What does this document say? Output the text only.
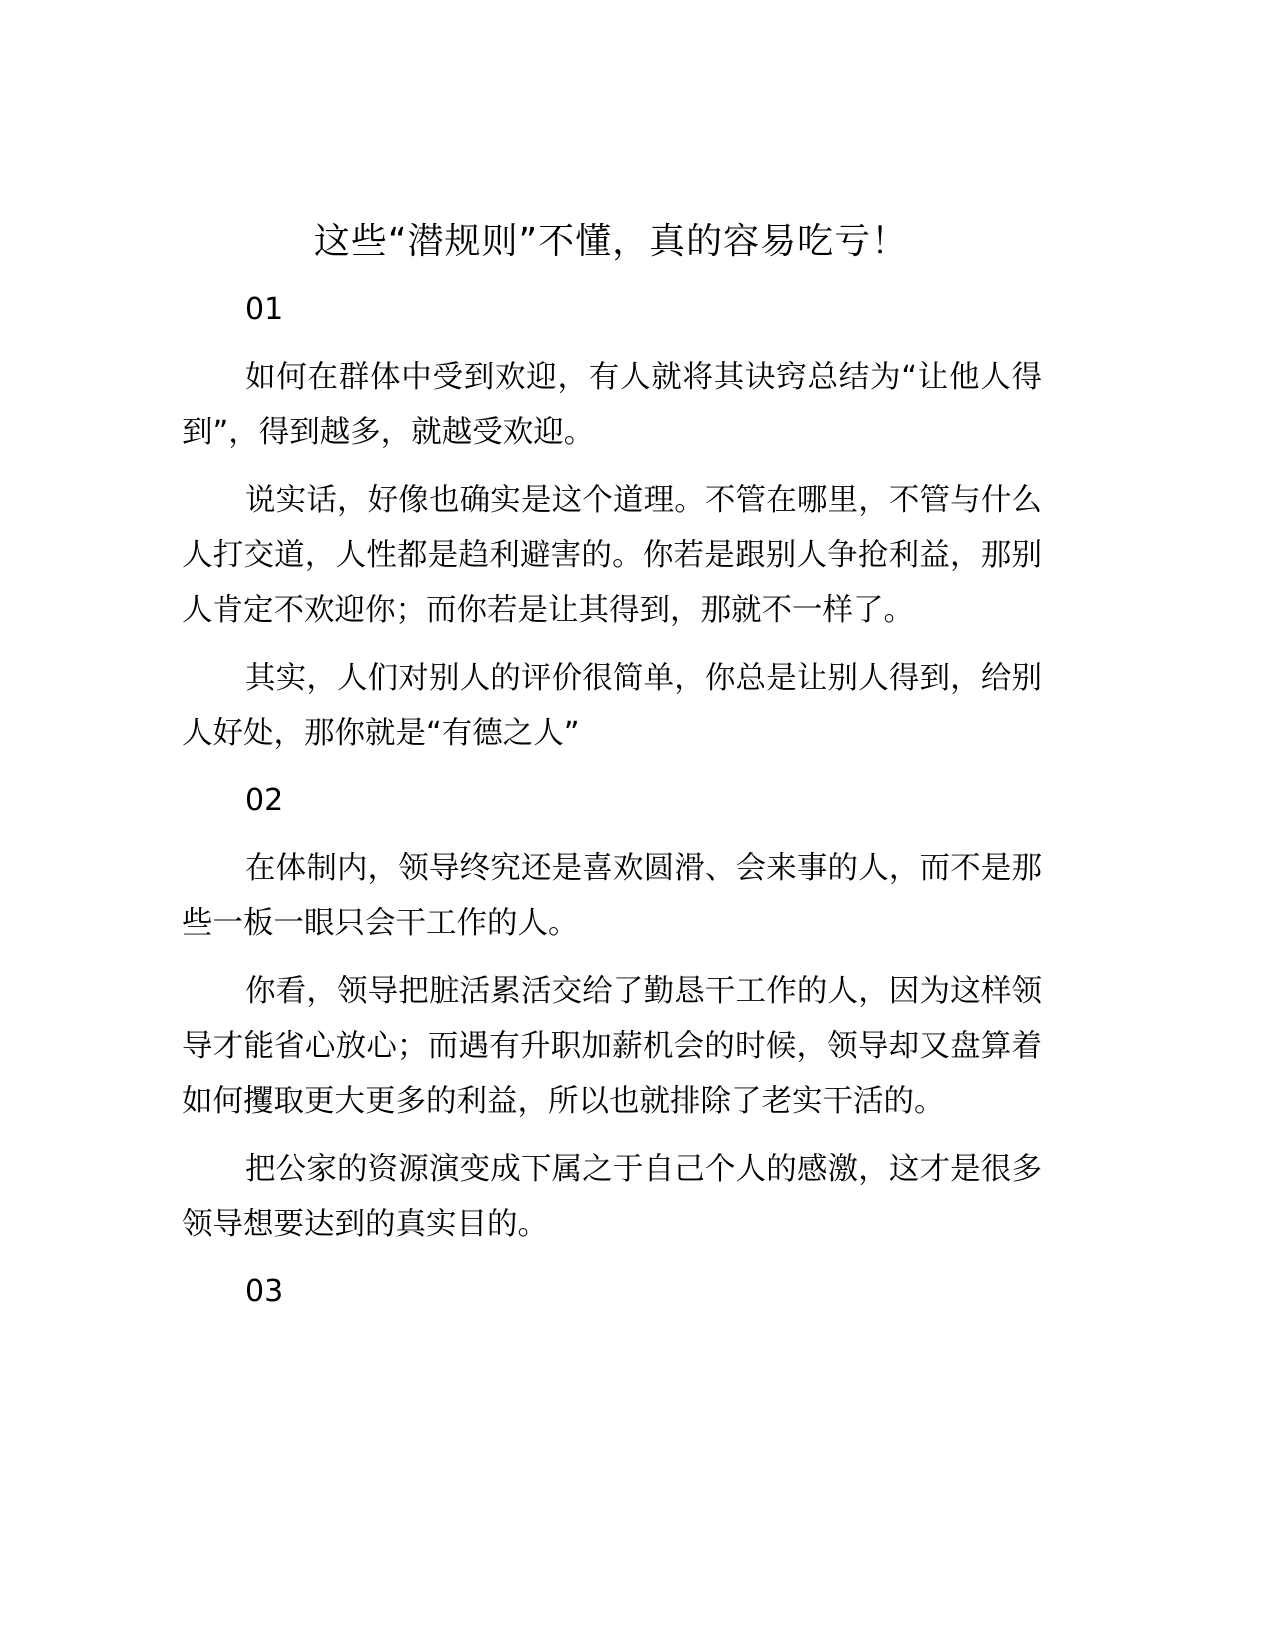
这些“潜规则”不懂，真的容易吃亏！
01

如何在群体中受到欢迎，有人就将其诀窍总结为“让他人得到”，得到越多，就越受欢迎。

说实话，好像也确实是这个道理。不管在哪里，不管与什么人打交道，人性都是趋利避害的。你若是跟别人争抢利益，那别人肯定不欢迎你；而你若是让其得到，那就不一样了。

其实，人们对别人的评价很简单，你总是让别人得到，给别人好处，那你就是“有德之人”

02

在体制内，领导终究还是喜欢圆滑、会来事的人，而不是那些一板一眼只会干工作的人。

你看，领导把脏活累活交给了勤恳干工作的人，因为这样领导才能省心放心；而遇有升职加薪机会的时候，领导却又盘算着如何攫取更大更多的利益，所以也就排除了老实干活的。

把公家的资源演变成下属之于自己个人的感激，这才是很多领导想要达到的真实目的。

03
